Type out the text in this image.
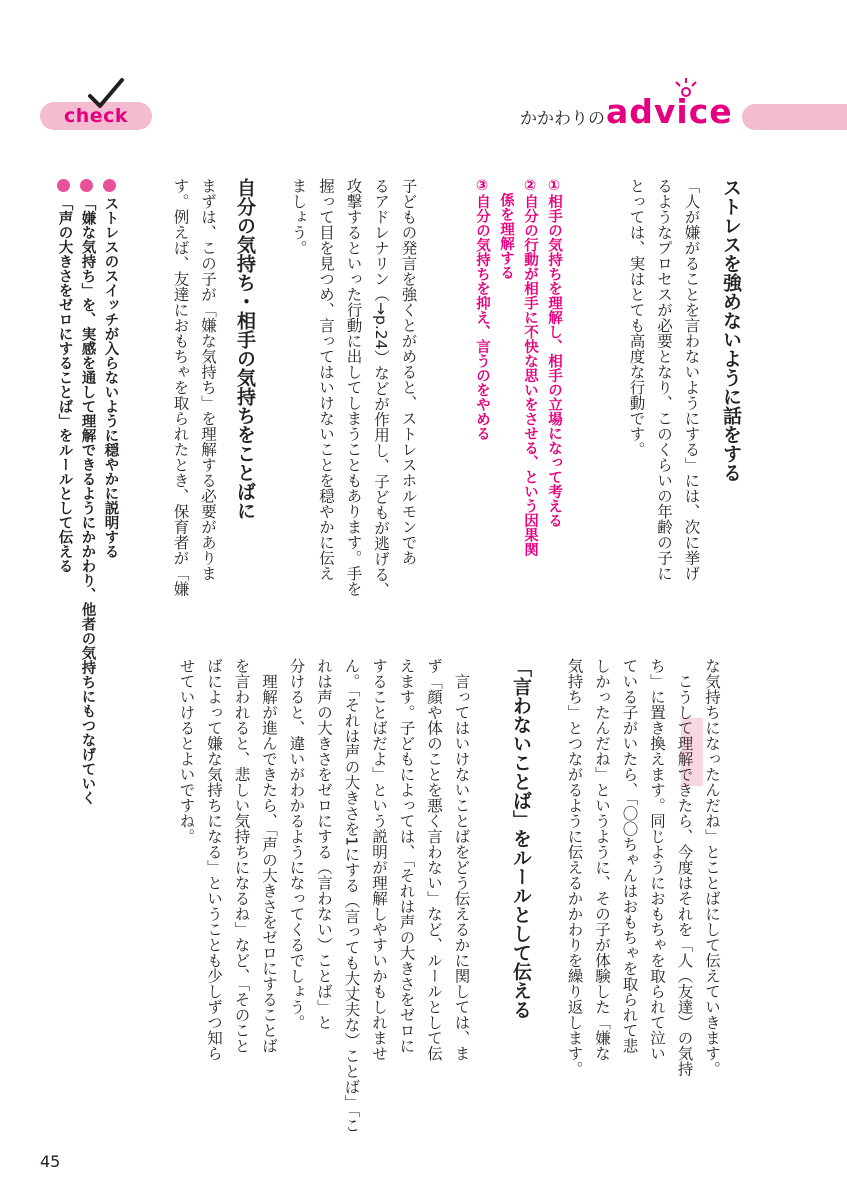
check	かかわりの advice
ストレスを強めないように話をする
「人が嫌がることを言わないようにする」には、次に挙げ
るようなプロセスが必要となり、このくらいの年齢の子に
とっては、実はとても高度な行動です。
①相手の気持ちを理解し、相手の立場になって考える
②自分の行動が相手に不快な思いをさせる、という因果関
　係を理解する
③自分の気持ちを抑え、言うのをやめる
子どもの発言を強くとがめると、ストレスホルモンであ
るアドレナリン（→p.24）などが作用し、子どもが逃げる、
攻撃するといった行動に出してしまうこともあります。手を
握って目を見つめ、言ってはいけないことを穏やかに伝え
ましょう。
自分の気持ち・相手の気持ちをことばに
まずは、この子が「嫌な気持ち」を理解する必要がありま
す。例えば、友達におもちゃを取られたとき、保育者が「嫌
ストレスのスイッチが入らないように穏やかに説明する
「嫌な気持ち」を、実感を通して理解できるようにかかわり、他者の気持ちにもつなげていく
「声の大きさをゼロにすることば」をルールとして伝える
な気持ちになったんだね」とことばにして伝えていきます。
　こうして理解できたら、今度はそれを「人（友達）の気持
ち」に置き換えます。同じようにおもちゃを取られて泣い
ている子がいたら、「〇〇ちゃんはおもちゃを取られて悲
しかったんだね」というように、その子が体験した「嫌な
気持ち」とつながるように伝えるかかわりを繰り返します。
「言わないことば」をルールとして伝える
　言ってはいけないことばをどう伝えるかに関しては、ま
ず「顔や体のことを悪く言わない」など、ルールとして伝
えます。子どもによっては、「それは声の大きさをゼロに
することばだよ」という説明が理解しやすいかもしれませ
ん。「それは声の大きさを1にする（言っても大丈夫な）ことば」「こ
れは声の大きさをゼロにする（言わない）ことば」と
分けると、違いがわかるようになってくるでしょう。
　理解が進んできたら、「声の大きさをゼロにすることば
を言われると、悲しい気持ちになるね」など、「そのこと
ばによって嫌な気持ちになる」ということも少しずつ知ら
せていけるとよいですね。
45
